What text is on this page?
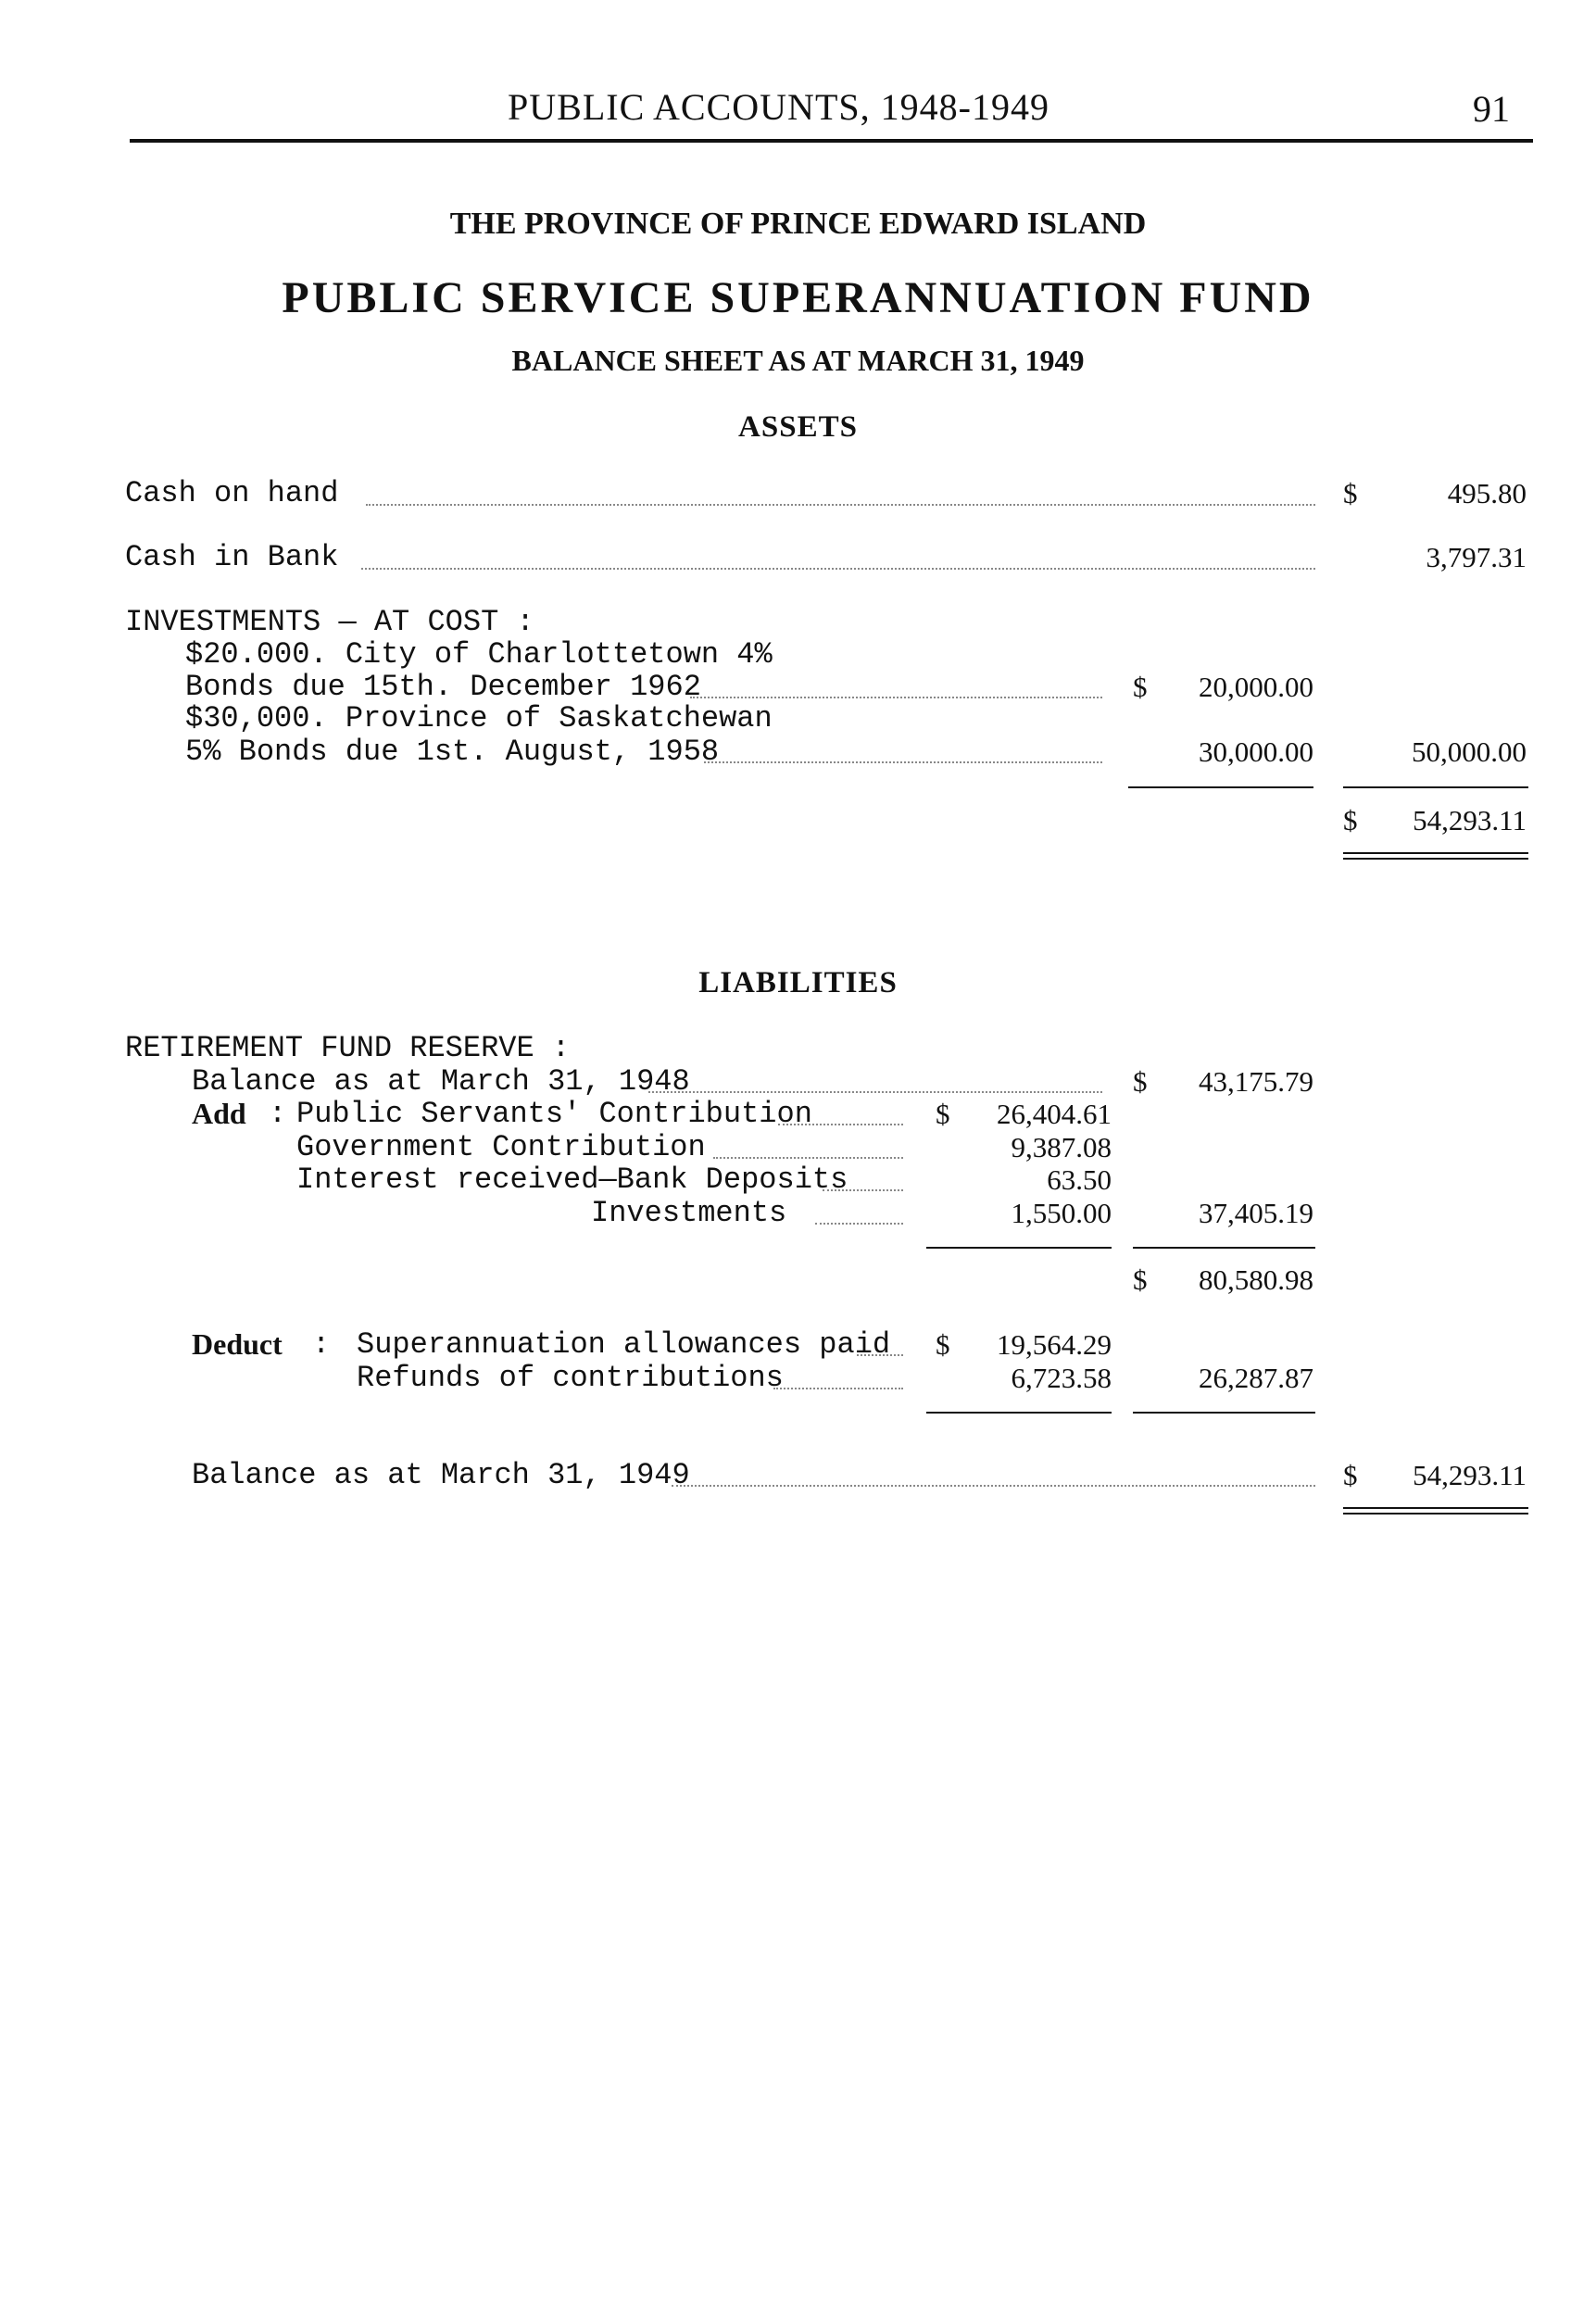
PUBLIC ACCOUNTS, 1948-1949	91
THE PROVINCE OF PRINCE EDWARD ISLAND
PUBLIC SERVICE SUPERANNUATION FUND
BALANCE SHEET AS AT MARCH 31, 1949
ASSETS
Cash on hand	$	495.80
Cash in Bank	3,797.31
INVESTMENTS — AT COST :
$20.000. City of Charlottetown 4%
Bonds due 15th. December 1962	$	20,000.00
$30,000. Province of Saskatchewan
5% Bonds due 1st. August, 1958	30,000.00	50,000.00
$	54,293.11
LIABILITIES
RETIREMENT FUND RESERVE :
Balance as at March 31, 1948	$	43,175.79
Add : Public Servants' Contribution	$	26,404.61
Government Contribution	9,387.08
Interest received—Bank Deposits	63.50
Investments	1,550.00	37,405.19
$	80,580.98
Deduct : Superannuation allowances paid $	19,564.29
Refunds of contributions	6,723.58	26,287.87
Balance as at March 31, 1949	$	54,293.11
